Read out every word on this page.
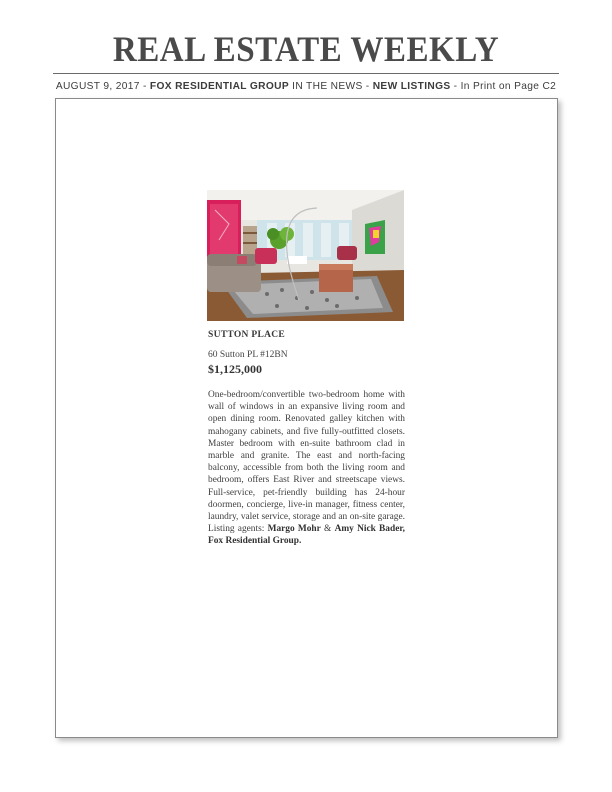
REAL ESTATE WEEKLY
AUGUST 9, 2017 - FOX RESIDENTIAL GROUP IN THE NEWS - NEW LISTINGS - In Print on Page C2
SUTTON PLACE
60 Sutton PL #12BN
$1,125,000
One-bedroom/convertible two-bedroom home with wall of windows in an expansive living room and open dining room. Renovated galley kitchen with mahogany cabinets, and five fully-outfitted closets. Master bedroom with en-suite bathroom clad in marble and granite. The east and north-facing balcony, accessible from both the living room and bedroom, offers East River and streetscape views. Full-service, pet-friendly building has 24-hour doormen, concierge, live-in manager, fitness center, laundry, valet service, storage and an on-site garage. Listing agents: Margo Mohr & Amy Nick Bader, Fox Residential Group.
